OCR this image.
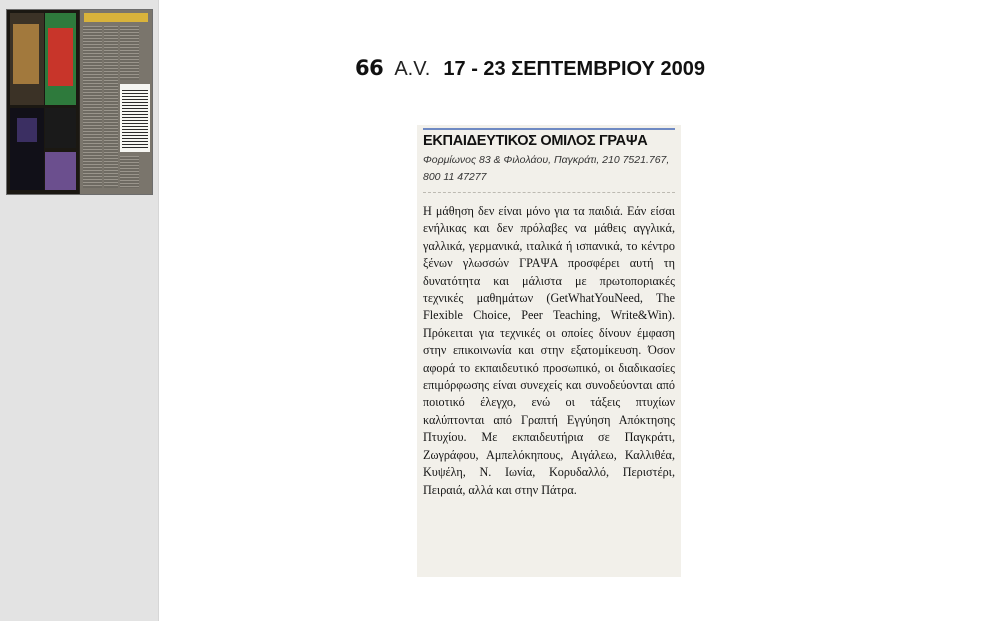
66 A.V. 17 - 23 ΣΕΠΤΕΜΒΡΙΟΥ 2009
ΕΚΠΑΙΔΕΥΤΙΚΟΣ ΟΜΙΛΟΣ ΓΡΑΨΑ
Φορμίωνος 83 & Φιλολάου, Παγκράτι, 210 7521.767, 800 11 47277
Η μάθηση δεν είναι μόνο για τα παιδιά. Εάν είσαι ενήλικας και δεν πρόλαβες να μάθεις αγγλικά, γαλλικά, γερμανικά, ιταλικά ή ισπανικά, το κέντρο ξένων γλωσσών ΓΡΑΨΑ προσφέρει αυτή τη δυνατότητα και μάλιστα με πρωτοποριακές τεχνικές μαθημάτων (GetWhatYouNeed, The Flexible Choice, Peer Teaching, Write&Win). Πρόκειται για τεχνικές οι οποίες δίνουν έμφαση στην επικοινωνία και στην εξατομίκευση. Όσον αφορά το εκπαιδευτικό προσωπικό, οι διαδικασίες επιμόρφωσης είναι συνεχείς και συνοδεύονται από ποιοτικό έλεγχο, ενώ οι τάξεις πτυχίων καλύπτονται από Γραπτή Εγγύηση Απόκτησης Πτυχίου. Με εκπαιδευτήρια σε Παγκράτι, Ζωγράφου, Αμπελόκηπους, Αιγάλεω, Καλλιθέα, Κυψέλη, Ν. Ιωνία, Κορυδαλλό, Περιστέρι, Πειραιά, αλλά και στην Πάτρα.
